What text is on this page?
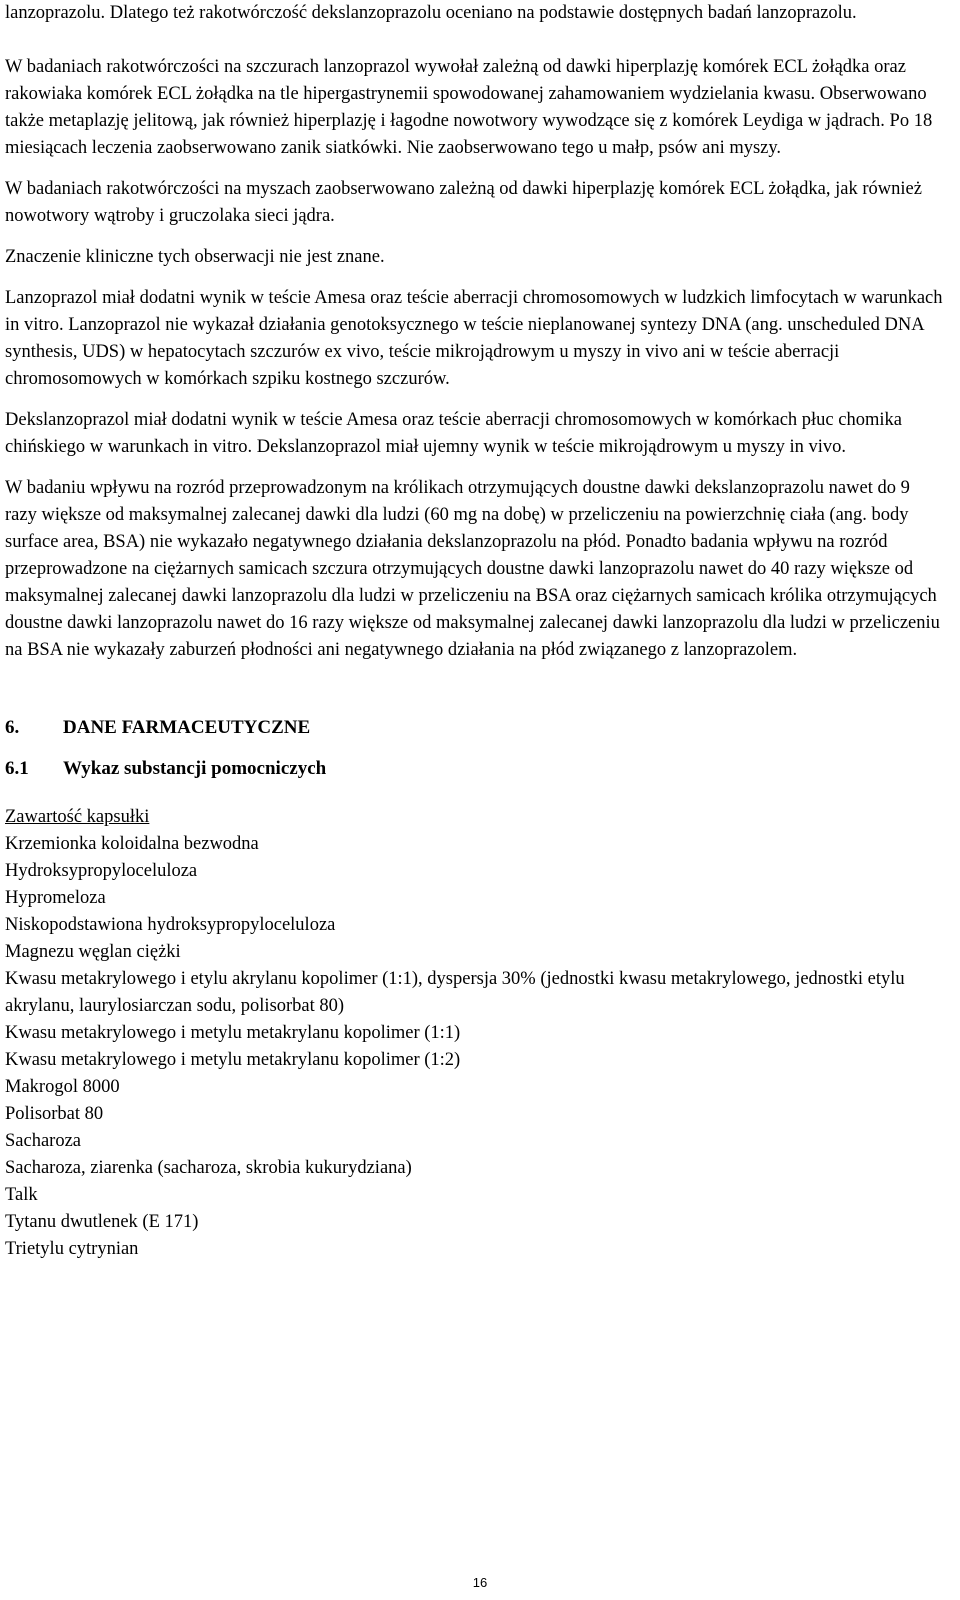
lanzoprazolu. Dlatego też rakotwórczość dekslanzoprazolu oceniano na podstawie dostępnych badań lanzoprazolu.

W badaniach rakotwórczości na szczurach lanzoprazol wywołał zależną od dawki hiperplazję komórek ECL żołądka oraz rakowiaka komórek ECL żołądka na tle hipergastrynemii spowodowanej zahamowaniem wydzielania kwasu. Obserwowano także metaplazję jelitową, jak również hiperplazję i łagodne nowotwory wywodzące się z komórek Leydiga w jądrach. Po 18 miesiącach leczenia zaobserwowano zanik siatkówki. Nie zaobserwowano tego u małp, psów ani myszy.

W badaniach rakotwórczości na myszach zaobserwowano zależną od dawki hiperplazję komórek ECL żołądka, jak również nowotwory wątroby i gruczolaka sieci jądra.

Znaczenie kliniczne tych obserwacji nie jest znane.

Lanzoprazol miał dodatni wynik w teście Amesa oraz teście aberracji chromosomowych w ludzkich limfocytach w warunkach in vitro. Lanzoprazol nie wykazał działania genotoksycznego w teście nieplanowanej syntezy DNA (ang. unscheduled DNA synthesis, UDS) w hepatocytach szczurów ex vivo, teście mikrojądrowym u myszy in vivo ani w teście aberracji chromosomowych w komórkach szpiku kostnego szczurów.

Dekslanzoprazol miał dodatni wynik w teście Amesa oraz teście aberracji chromosomowych w komórkach płuc chomika chińskiego w warunkach in vitro. Dekslanzoprazol miał ujemny wynik w teście mikrojądrowym u myszy in vivo.

W badaniu wpływu na rozród przeprowadzonym na królikach otrzymujących doustne dawki dekslanzoprazolu nawet do 9 razy większe od maksymalnej zalecanej dawki dla ludzi (60 mg na dobę) w przeliczeniu na powierzchnię ciała (ang. body surface area, BSA) nie wykazało negatywnego działania dekslanzoprazolu na płód. Ponadto badania wpływu na rozród przeprowadzone na ciężarnych samicach szczura otrzymujących doustne dawki lanzoprazolu nawet do 40 razy większe od maksymalnej zalecanej dawki lanzoprazolu dla ludzi w przeliczeniu na BSA oraz ciężarnych samicach królika otrzymujących doustne dawki lanzoprazolu nawet do 16 razy większe od maksymalnej zalecanej dawki lanzoprazolu dla ludzi w przeliczeniu na BSA nie wykazały zaburzeń płodności ani negatywnego działania na płód związanego z lanzoprazolem.

6. DANE FARMACEUTYCZNE

6.1 Wykaz substancji pomocniczych

Zawartość kapsułki

Krzemionka koloidalna bezwodna

Hydroksypropyloceluloza

Hypromeloza

Niskopodstawiona hydroksypropyloceluloza

Magnezu węglan ciężki

Kwasu metakrylowego i etylu akrylanu kopolimer (1:1), dyspersja 30% (jednostki kwasu metakrylowego, jednostki etylu akrylanu, laurylosiarczan sodu, polisorbat 80)

Kwasu metakrylowego i metylu metakrylanu kopolimer (1:1)

Kwasu metakrylowego i metylu metakrylanu kopolimer (1:2)

Makrogol 8000

Polisorbat 80

Sacharoza

Sacharoza, ziarenka (sacharoza, skrobia kukurydziana)

Talk

Tytanu dwutlenek (E 171)

Trietylu cytrynian

16
